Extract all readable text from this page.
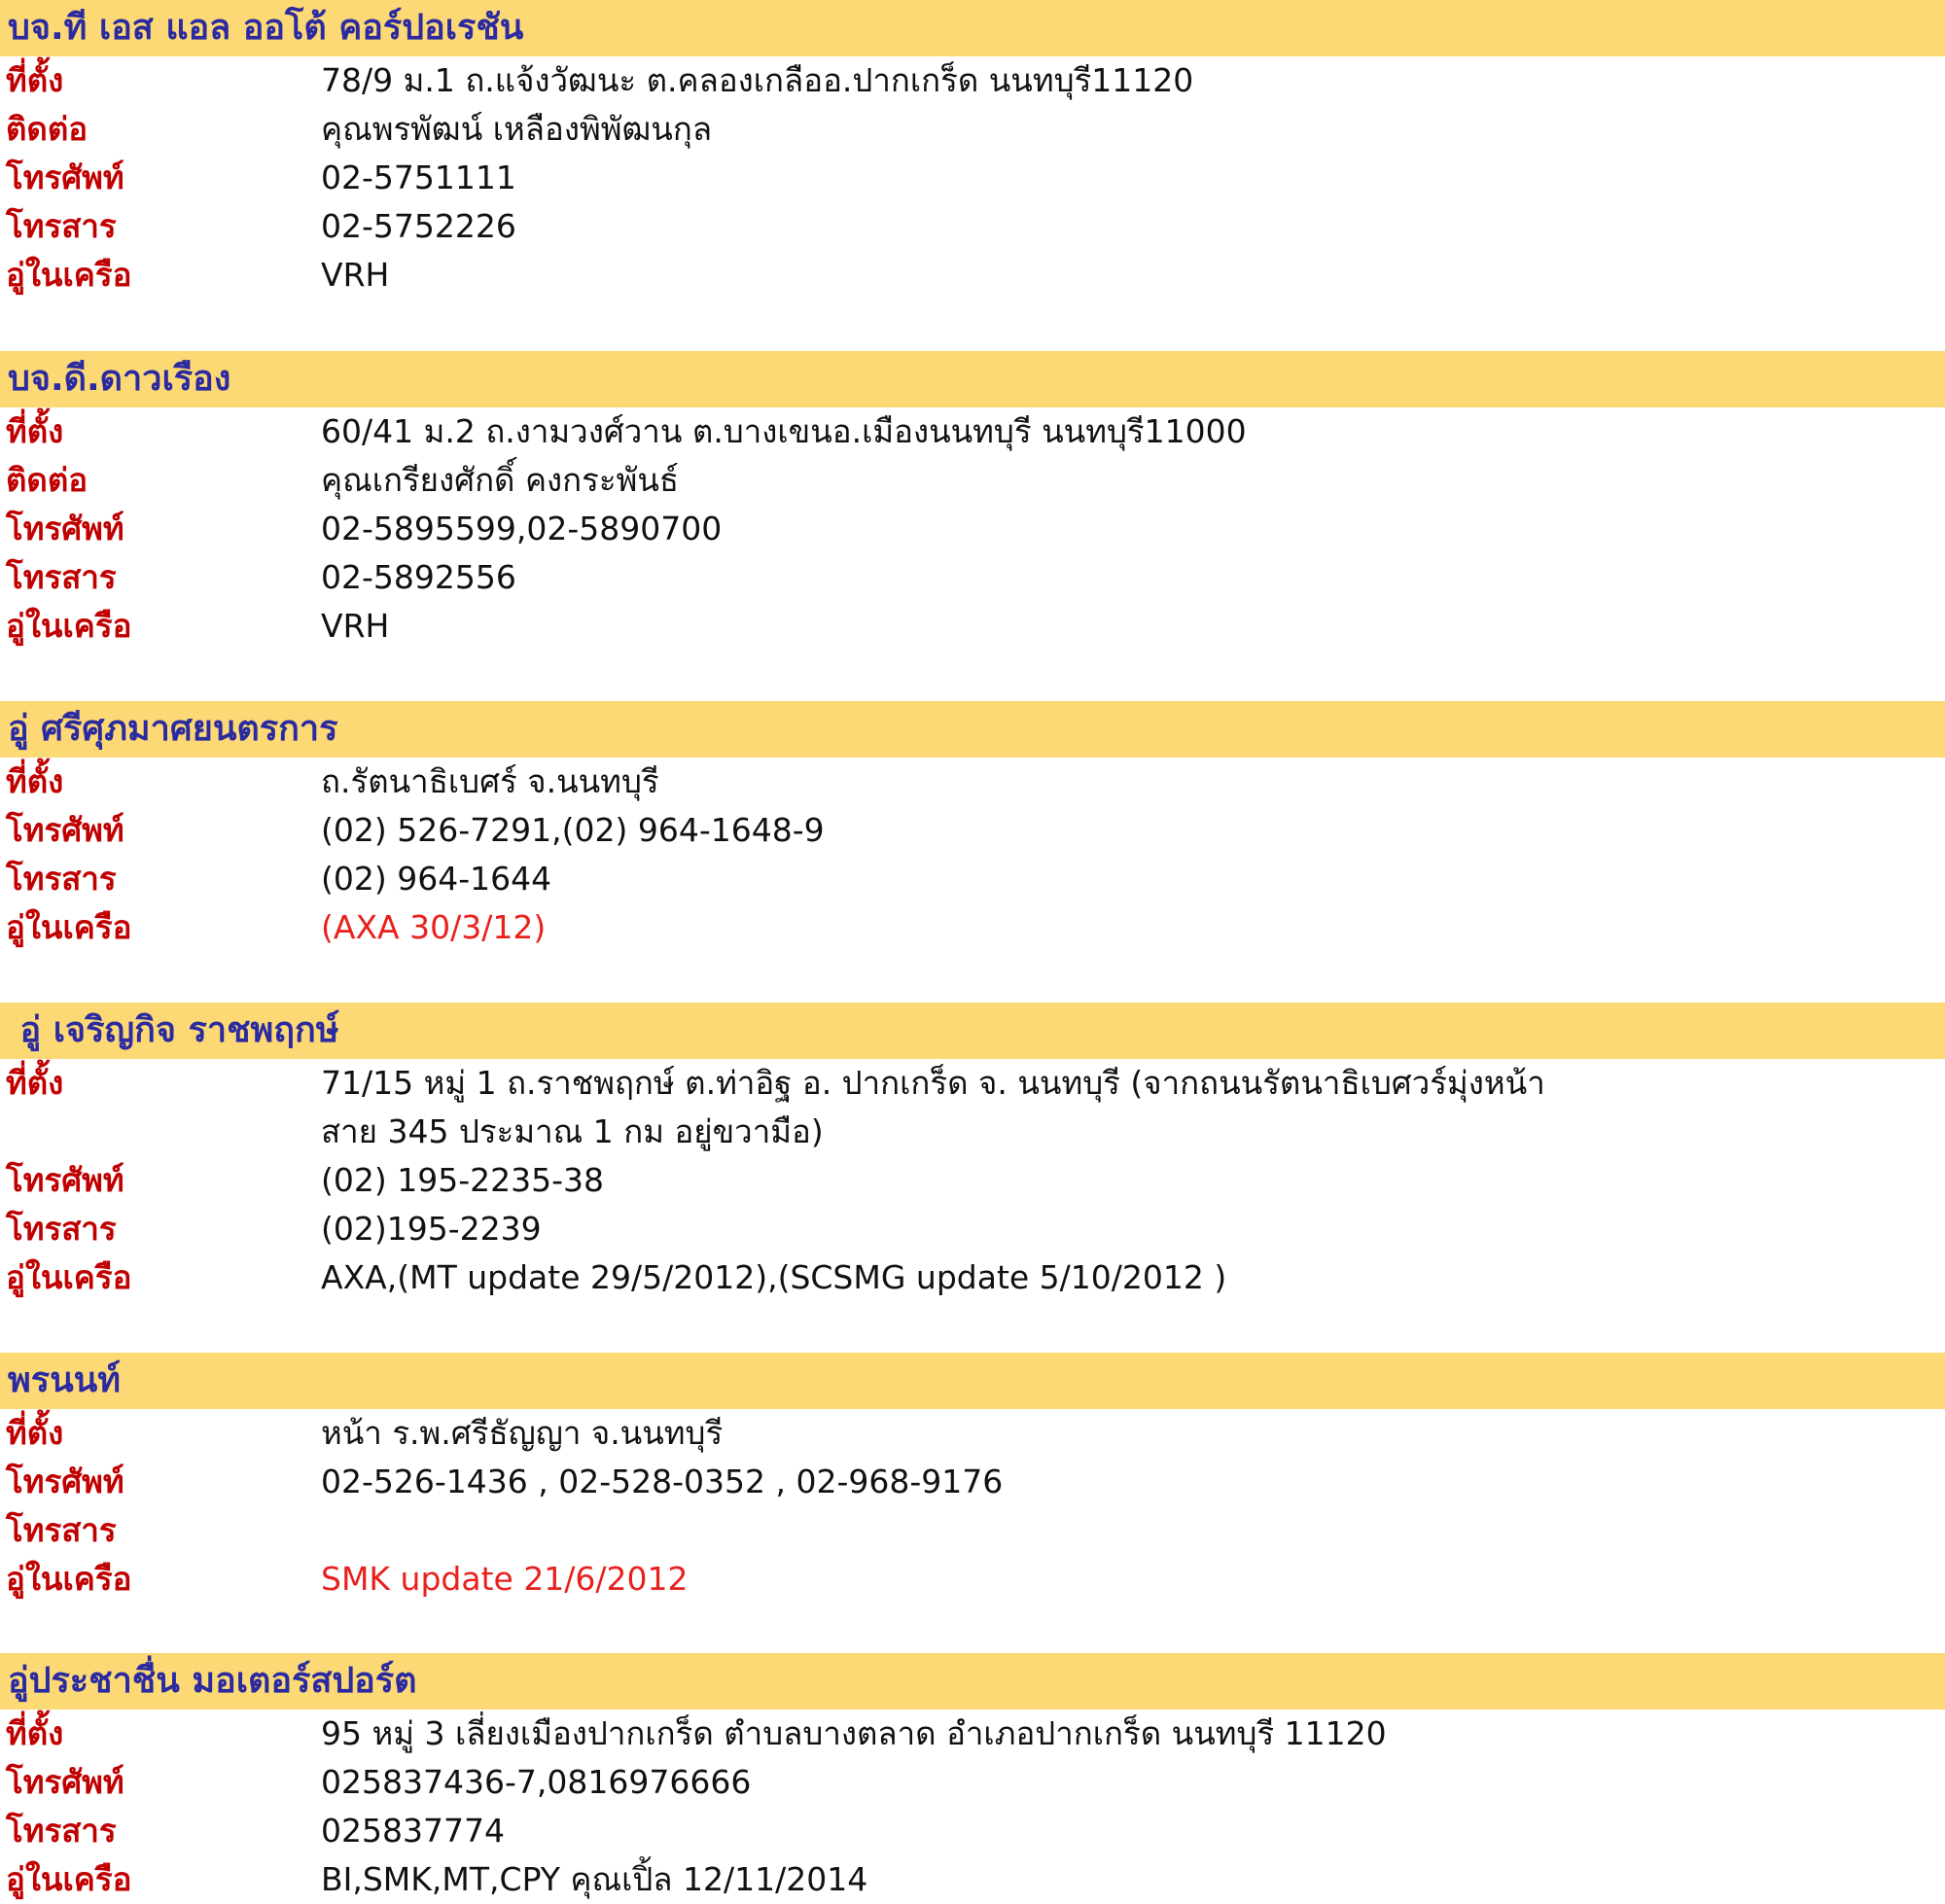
บจ.ที เอส แอล ออโต้ คอร์ปอเรชัน
ที่ตั้ง	78/9 ม.1 ถ.แจ้งวัฒนะ ต.คลองเกลืออ.ปากเกร็ด นนทบุรี11120
ติดต่อ	คุณพรพัฒน์ เหลืองพิพัฒนกุล
โทรศัพท์	02-5751111
โทรสาร	02-5752226
อู่ในเครือ	VRH
บจ.ดี.ดาวเรือง
ที่ตั้ง	60/41 ม.2 ถ.งามวงศ์วาน ต.บางเขนอ.เมืองนนทบุรี นนทบุรี11000
ติดต่อ	คุณเกรียงศักดิ์ คงกระพันธ์
โทรศัพท์	02-5895599,02-5890700
โทรสาร	02-5892556
อู่ในเครือ	VRH
อู่ ศรีศุภมาศยนตรการ
ที่ตั้ง	ถ.รัตนาธิเบศร์ จ.นนทบุรี
โทรศัพท์	(02) 526-7291,(02) 964-1648-9
โทรสาร	(02) 964-1644
อู่ในเครือ	(AXA 30/3/12)
อู่ เจริญกิจ ราชพฤกษ์
ที่ตั้ง	71/15 หมู่ 1 ถ.ราชพฤกษ์ ต.ท่าอิฐ อ. ปากเกร็ด จ. นนทบุรี (จากถนนรัตนาธิเบศวร์มุ่งหน้า
สาย 345 ประมาณ 1 กม อยู่ขวามือ)
โทรศัพท์	(02) 195-2235-38
โทรสาร	(02)195-2239
อู่ในเครือ	AXA,(MT update 29/5/2012),(SCSMG update 5/10/2012 )
พรนนท์
ที่ตั้ง	หน้า ร.พ.ศรีธัญญา จ.นนทบุรี
โทรศัพท์	02-526-1436 , 02-528-0352 , 02-968-9176
โทรสาร
อู่ในเครือ	SMK update 21/6/2012
อู่ประชาชื่น มอเตอร์สปอร์ต
ที่ตั้ง	95 หมู่ 3 เลี่ยงเมืองปากเกร็ด ตำบลบางตลาด อำเภอปากเกร็ด นนทบุรี 11120
โทรศัพท์	025837436-7,0816976666
โทรสาร	025837774
อู่ในเครือ	BI,SMK,MT,CPY คุณเปิ้ล 12/11/2014
